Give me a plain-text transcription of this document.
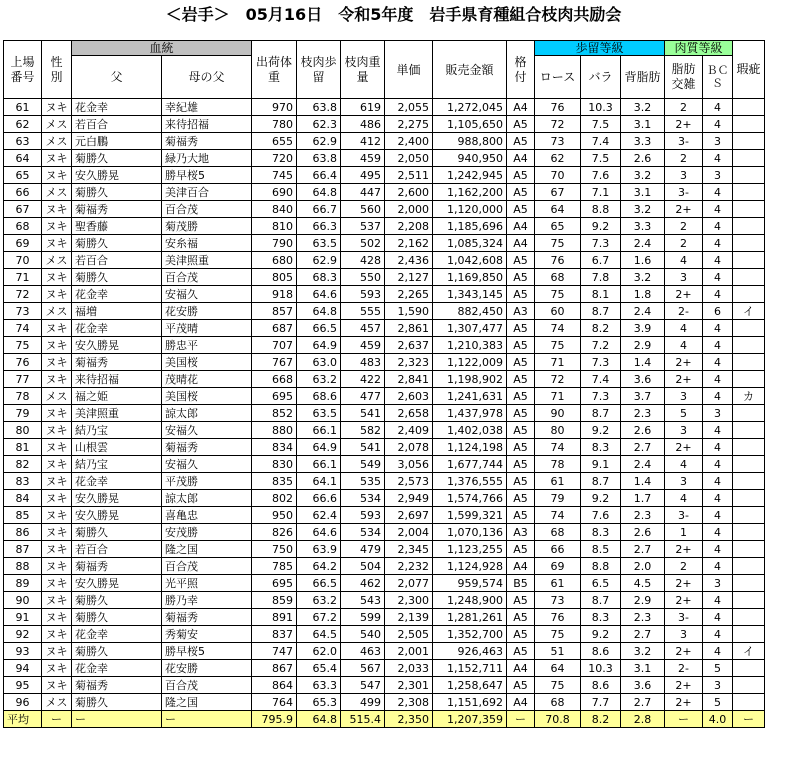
＜岩手＞　05月16日　令和5年度　岩手県育種組合枝肉共励会
上場番号	性別	血統		出荷体重	枝肉歩留	枝肉重量	単価	販売金額	格付	歩留等級			肉質等級		瑕疵
		父	母の父							ロース	バラ	背脂肪	脂肪交雑	ＢＣＳ	
61	ヌキ	花金幸	幸紀雄	970	63.8	619	2,055	1,272,045	A4	76	10.3	3.2	2	4	
62	メス	若百合	来待招福	780	62.3	486	2,275	1,105,650	A5	72	7.5	3.1	2+	4	
63	メス	元白鵬	菊福秀	655	62.9	412	2,400	988,800	A5	73	7.4	3.3	3-	3	
64	ヌキ	菊勝久	緑乃大地	720	63.8	459	2,050	940,950	A4	62	7.5	2.6	2	4	
65	ヌキ	安久勝晃	勝早桜5	745	66.4	495	2,511	1,242,945	A5	70	7.6	3.2	3	3	
66	メス	菊勝久	美津百合	690	64.8	447	2,600	1,162,200	A5	67	7.1	3.1	3-	4	
67	ヌキ	菊福秀	百合茂	840	66.7	560	2,000	1,120,000	A5	64	8.8	3.2	2+	4	
68	ヌキ	聖香藤	菊茂勝	810	66.3	537	2,208	1,185,696	A4	65	9.2	3.3	2	4	
69	ヌキ	菊勝久	安糸福	790	63.5	502	2,162	1,085,324	A4	75	7.3	2.4	2	4	
70	メス	若百合	美津照重	680	62.9	428	2,436	1,042,608	A5	76	6.7	1.6	4	4	
71	ヌキ	菊勝久	百合茂	805	68.3	550	2,127	1,169,850	A5	68	7.8	3.2	3	4	
72	ヌキ	花金幸	安福久	918	64.6	593	2,265	1,343,145	A5	75	8.1	1.8	2+	4	
73	メス	福増	花安勝	857	64.8	555	1,590	882,450	A3	60	8.7	2.4	2-	6	イ
74	ヌキ	花金幸	平茂晴	687	66.5	457	2,861	1,307,477	A5	74	8.2	3.9	4	4	
75	ヌキ	安久勝晃	勝忠平	707	64.9	459	2,637	1,210,383	A5	75	7.2	2.9	4	4	
76	ヌキ	菊福秀	美国桜	767	63.0	483	2,323	1,122,009	A5	71	7.3	1.4	2+	4	
77	ヌキ	来待招福	茂晴花	668	63.2	422	2,841	1,198,902	A5	72	7.4	3.6	2+	4	
78	メス	福之姫	美国桜	695	68.6	477	2,603	1,241,631	A5	71	7.3	3.7	3	4	カ
79	ヌキ	美津照重	諒太郎	852	63.5	541	2,658	1,437,978	A5	90	8.7	2.3	5	3	
80	ヌキ	結乃宝	安福久	880	66.1	582	2,409	1,402,038	A5	80	9.2	2.6	3	4	
81	ヌキ	山根雲	菊福秀	834	64.9	541	2,078	1,124,198	A5	74	8.3	2.7	2+	4	
82	ヌキ	結乃宝	安福久	830	66.1	549	3,056	1,677,744	A5	78	9.1	2.4	4	4	
83	ヌキ	花金幸	平茂勝	835	64.1	535	2,573	1,376,555	A5	61	8.7	1.4	3	4	
84	ヌキ	安久勝晃	諒太郎	802	66.6	534	2,949	1,574,766	A5	79	9.2	1.7	4	4	
85	ヌキ	安久勝晃	喜亀忠	950	62.4	593	2,697	1,599,321	A5	74	7.6	2.3	3-	4	
86	ヌキ	菊勝久	安茂勝	826	64.6	534	2,004	1,070,136	A3	68	8.3	2.6	1	4	
87	ヌキ	若百合	隆之国	750	63.9	479	2,345	1,123,255	A5	66	8.5	2.7	2+	4	
88	ヌキ	菊福秀	百合茂	785	64.2	504	2,232	1,124,928	A4	69	8.8	2.0	2	4	
89	ヌキ	安久勝晃	光平照	695	66.5	462	2,077	959,574	B5	61	6.5	4.5	2+	3	
90	ヌキ	菊勝久	勝乃幸	859	63.2	543	2,300	1,248,900	A5	73	8.7	2.9	2+	4	
91	ヌキ	菊勝久	菊福秀	891	67.2	599	2,139	1,281,261	A5	76	8.3	2.3	3-	4	
92	ヌキ	花金幸	秀菊安	837	64.5	540	2,505	1,352,700	A5	75	9.2	2.7	3	4	
93	ヌキ	菊勝久	勝早桜5	747	62.0	463	2,001	926,463	A5	51	8.6	3.2	2+	4	イ
94	ヌキ	花金幸	花安勝	867	65.4	567	2,033	1,152,711	A4	64	10.3	3.1	2-	5	
95	ヌキ	菊福秀	百合茂	864	63.3	547	2,301	1,258,647	A5	75	8.6	3.6	2+	3	
96	メス	菊勝久	隆之国	764	65.3	499	2,308	1,151,692	A4	68	7.7	2.7	2+	5	
平均	ー	ー	ー	795.9	64.8	515.4	2,350	1,207,359	ー	70.8	8.2	2.8	ー	4.0	ー
